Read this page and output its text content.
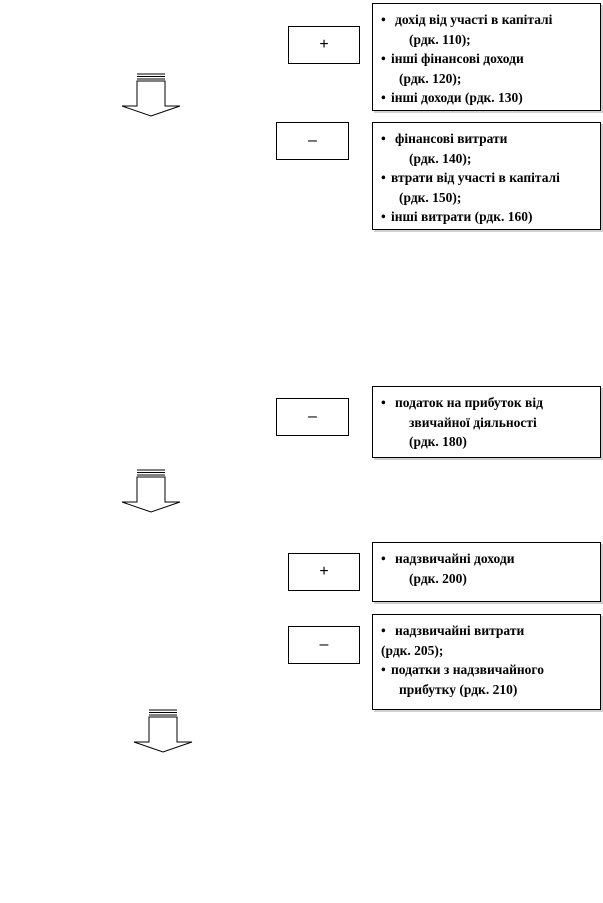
+
• дохід від участі в капіталі
(рдк. 110);
• інші фінансові доходи
(рдк. 120);
• інші доходи (рдк. 130)
–	• фінансові витрати
(рдк. 140);
• втрати від участі в капіталі
(рдк. 150);
• інші витрати (рдк. 160)
–
• податок на прибуток від
звичайної діяльності
(рдк. 180)
+
• надзвичайні доходи
(рдк. 200)
–
• надзвичайні витрати
(рдк. 205);
• податки з надзвичайного
прибутку (рдк. 210)
